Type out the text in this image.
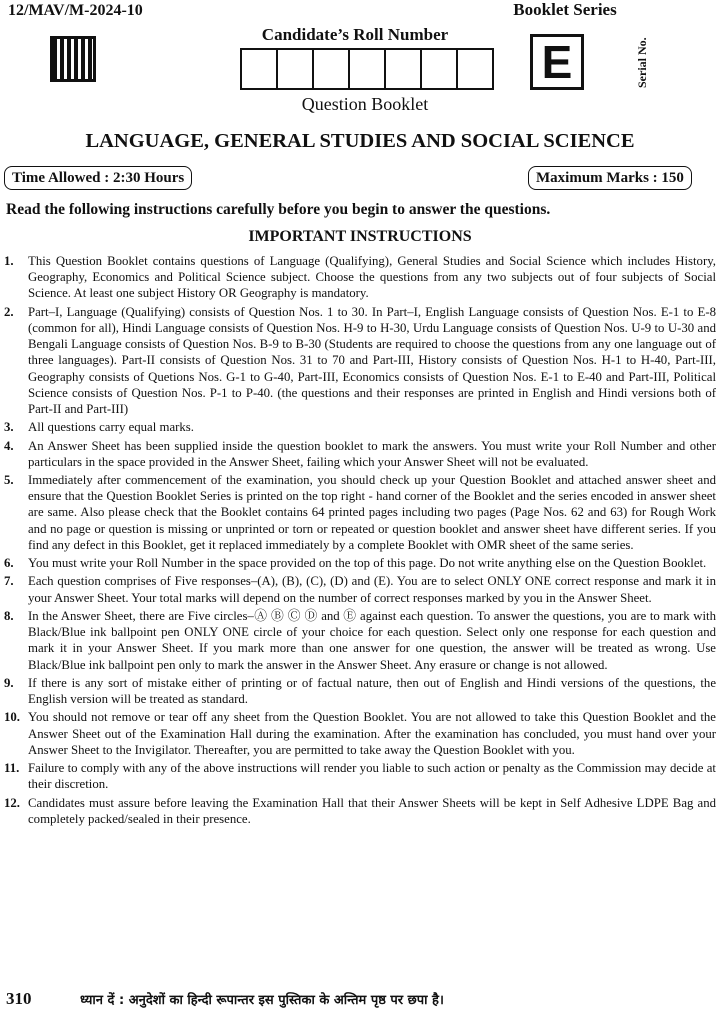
12/MAV/M-2024-10
Candidate’s Roll Number
Question Booklet
Booklet Series
E	Serial No.
LANGUAGE, GENERAL STUDIES AND SOCIAL SCIENCE
Time Allowed : 2:30 Hours	Maximum Marks : 150
Read the following instructions carefully before you begin to answer the questions.
IMPORTANT INSTRUCTIONS
1.	This Question Booklet contains questions of Language (Qualifying), General Studies and Social Science which includes History, Geography, Economics and Political Science subject. Choose the questions from any two subjects out of four subjects of Social Science. At least one subject History OR Geography is mandatory.
2.	Part–I, Language (Qualifying) consists of Question Nos. 1 to 30. In Part–I, English Language consists of Question Nos. E-1 to E-8 (common for all), Hindi Language consists of Question Nos. H-9 to H-30, Urdu Language consists of Question Nos. U-9 to U-30 and Bengali Language consists of Question Nos. B-9 to B-30 (Students are required to choose the questions from any one language out of three languages). Part-II consists of Question Nos. 31 to 70 and Part-III, History consists of Question Nos. H-1 to H-40, Part-III, Geography consists of Quetions Nos. G-1 to G-40, Part-III, Economics consists of Question Nos. E-1 to E-40 and Part-III, Political Science consists of Question Nos. P-1 to P-40. (the questions and their responses are printed in English and Hindi versions both of Part-II and Part-III)
3.	All questions carry equal marks.
4.	An Answer Sheet has been supplied inside the question booklet to mark the answers. You must write your Roll Number and other particulars in the space provided in the Answer Sheet, failing which your Answer Sheet will not be evaluated.
5.	Immediately after commencement of the examination, you should check up your Question Booklet and attached answer sheet and ensure that the Question Booklet Series is printed on the top right - hand corner of the Booklet and the series encoded in answer sheet are same. Also please check that the Booklet contains 64 printed pages including two pages (Page Nos. 62 and 63) for Rough Work and no page or question is missing or unprinted or torn or repeated or question booklet and answer sheet have different series. If you find any defect in this Booklet, get it replaced immediately by a complete Booklet with OMR sheet of the same series.
6.	You must write your Roll Number in the space provided on the top of this page. Do not write anything else on the Question Booklet.
7.	Each question comprises of Five responses–(A), (B), (C), (D) and (E). You are to select ONLY ONE correct response and mark it in your Answer Sheet. Your total marks will depend on the number of correct responses marked by you in the Answer Sheet.
8.	In the Answer Sheet, there are Five circles–Ⓐ Ⓑ Ⓒ Ⓓ and Ⓔ against each question. To answer the questions, you are to mark with Black/Blue ink ballpoint pen ONLY ONE circle of your choice for each question. Select only one response for each question and mark it in your Answer Sheet. If you mark more than one answer for one question, the answer will be treated as wrong. Use Black/Blue ink ballpoint pen only to mark the answer in the Answer Sheet. Any erasure or change is not allowed.
9.	If there is any sort of mistake either of printing or of factual nature, then out of English and Hindi versions of the questions, the English version will be treated as standard.
10. You should not remove or tear off any sheet from the Question Booklet. You are not allowed to take this Question Booklet and the Answer Sheet out of the Examination Hall during the examination. After the examination has concluded, you must hand over your Answer Sheet to the Invigilator. Thereafter, you are permitted to take away the Question Booklet with you.
11. Failure to comply with any of the above instructions will render you liable to such action or penalty as the Commission may decide at their discretion.
12. Candidates must assure before leaving the Examination Hall that their Answer Sheets will be kept in Self Adhesive LDPE Bag and completely packed/sealed in their presence.
310	ध्यान दें : अनुदेशों का हिन्दी रूपान्तर इस पुस्तिका के अन्तिम पृष्ठ पर छपा है।
